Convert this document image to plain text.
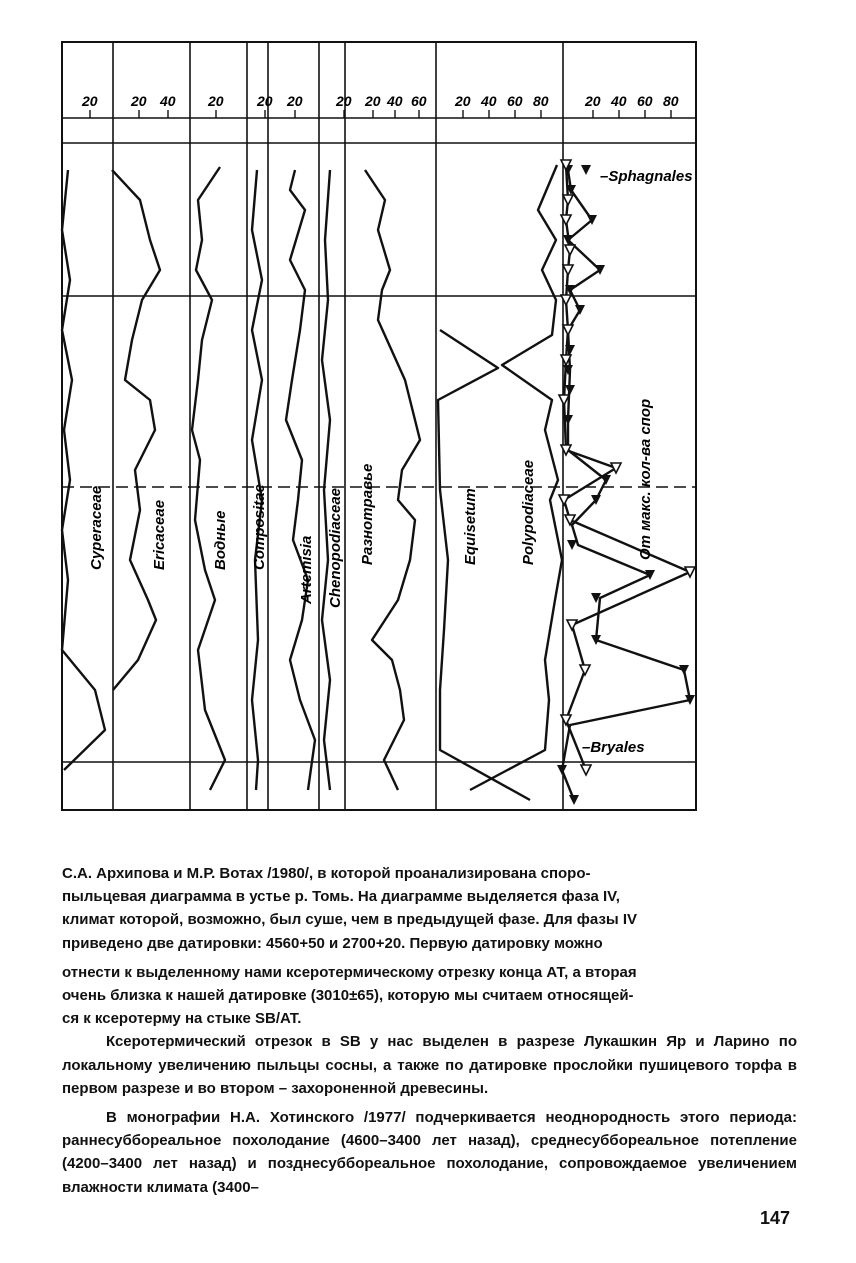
20 20 40 20 20 20 20 20 40 60 20 40 60 80	20 40 60 80
–Sphagnales
–Bryales
Cyperaceae	Ericaceae	Водные Compositae Artemisia Chenopodiaceae Разнотравье	Equisetum	Polypodiaceae	От макс. кол-ва спор

С.А. Архипова и М.Р. Вотах /1980/, в которой проанализирована споро-

пыльцевая диаграмма в устье р. Томь. На диаграмме выделяется фаза IV,

климат которой, возможно, был суше, чем в предыдущей фазе. Для фазы IV

приведено две датировки: 4560+50 и 2700+20. Первую датировку можно

отнести к выделенному нами ксеротермическому отрезку конца АТ, а вторая

очень близка к нашей датировке (3010±65), которую мы считаем относящей-

ся к ксеротерму на стыке SB/AT.

Ксеротермический отрезок в SB у нас выделен в разрезе Лукашкин Яр и Ларино по локальному увеличению пыльцы сосны, а также по датировке прослойки пушицевого торфа в первом разрезе и во втором – захороненной древесины.

В монографии Н.А. Хотинского /1977/ подчеркивается неоднородность этого периода: раннесуббореальное похолодание (4600–3400 лет назад), среднесуббореальное потепление (4200–3400 лет назад) и позднесуббореальное похолодание, сопровождаемое увеличением влажности климата (3400–

147
